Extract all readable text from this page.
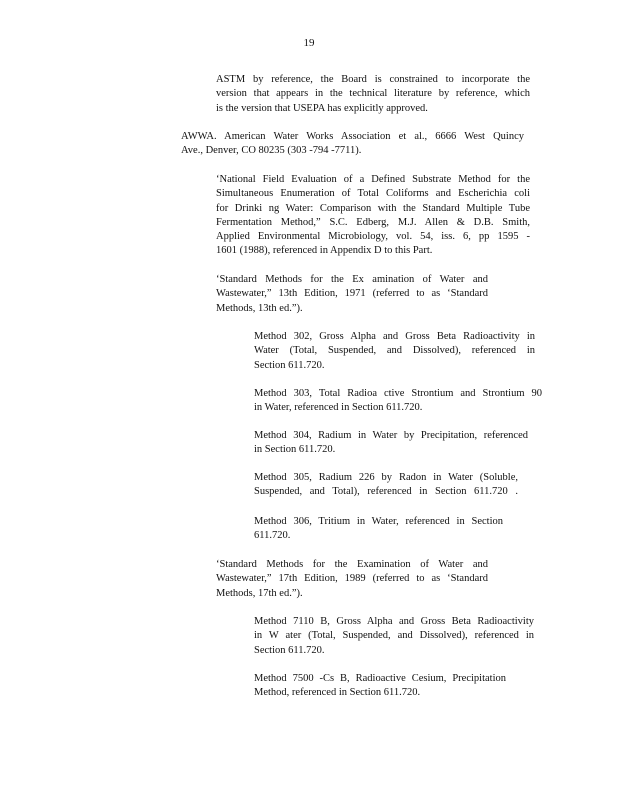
19
ASTM by reference, the Board is constrained to incorporate the
version that appears in the technical literature by reference, which
is the version that USEPA has explicitly approved.
AWWA. American Water Works Association et al., 6666 West Quincy
Ave., Denver, CO 80235 (303 -794 -7711).
‘National Field Evaluation of a Defined Substrate Method for the
Simultaneous Enumeration of Total Coliforms and Escherichia coli
for Drinki ng Water: Comparison with the Standard Multiple Tube
Fermentation Method,” S.C. Edberg, M.J. Allen & D.B. Smith,
Applied Environmental Microbiology, vol. 54, iss. 6, pp 1595 -
1601 (1988), referenced in Appendix D to this Part.
‘Standard Methods for the Ex amination of Water and
Wastewater,” 13th Edition, 1971 (referred to as ‘Standard
Methods, 13th ed.”).
Method 302, Gross Alpha and Gross Beta Radioactivity in
Water (Total, Suspended, and Dissolved), referenced in
Section 611.720.
Method 303, Total Radioa ctive Strontium and Strontium 90
in Water, referenced in Section 611.720.
Method 304, Radium in Water by Precipitation, referenced
in Section 611.720.
Method 305, Radium 226 by Radon in Water (Soluble,
Suspended, and Total), referenced in Section 611.720 .
Method 306, Tritium in Water, referenced in Section
611.720.
‘Standard Methods for the Examination of Water and
Wastewater,” 17th Edition, 1989 (referred to as ‘Standard
Methods, 17th ed.”).
Method 7110 B, Gross Alpha and Gross Beta Radioactivity
in W ater (Total, Suspended, and Dissolved), referenced in
Section 611.720.
Method 7500 -Cs B, Radioactive Cesium, Precipitation
Method, referenced in Section 611.720.
